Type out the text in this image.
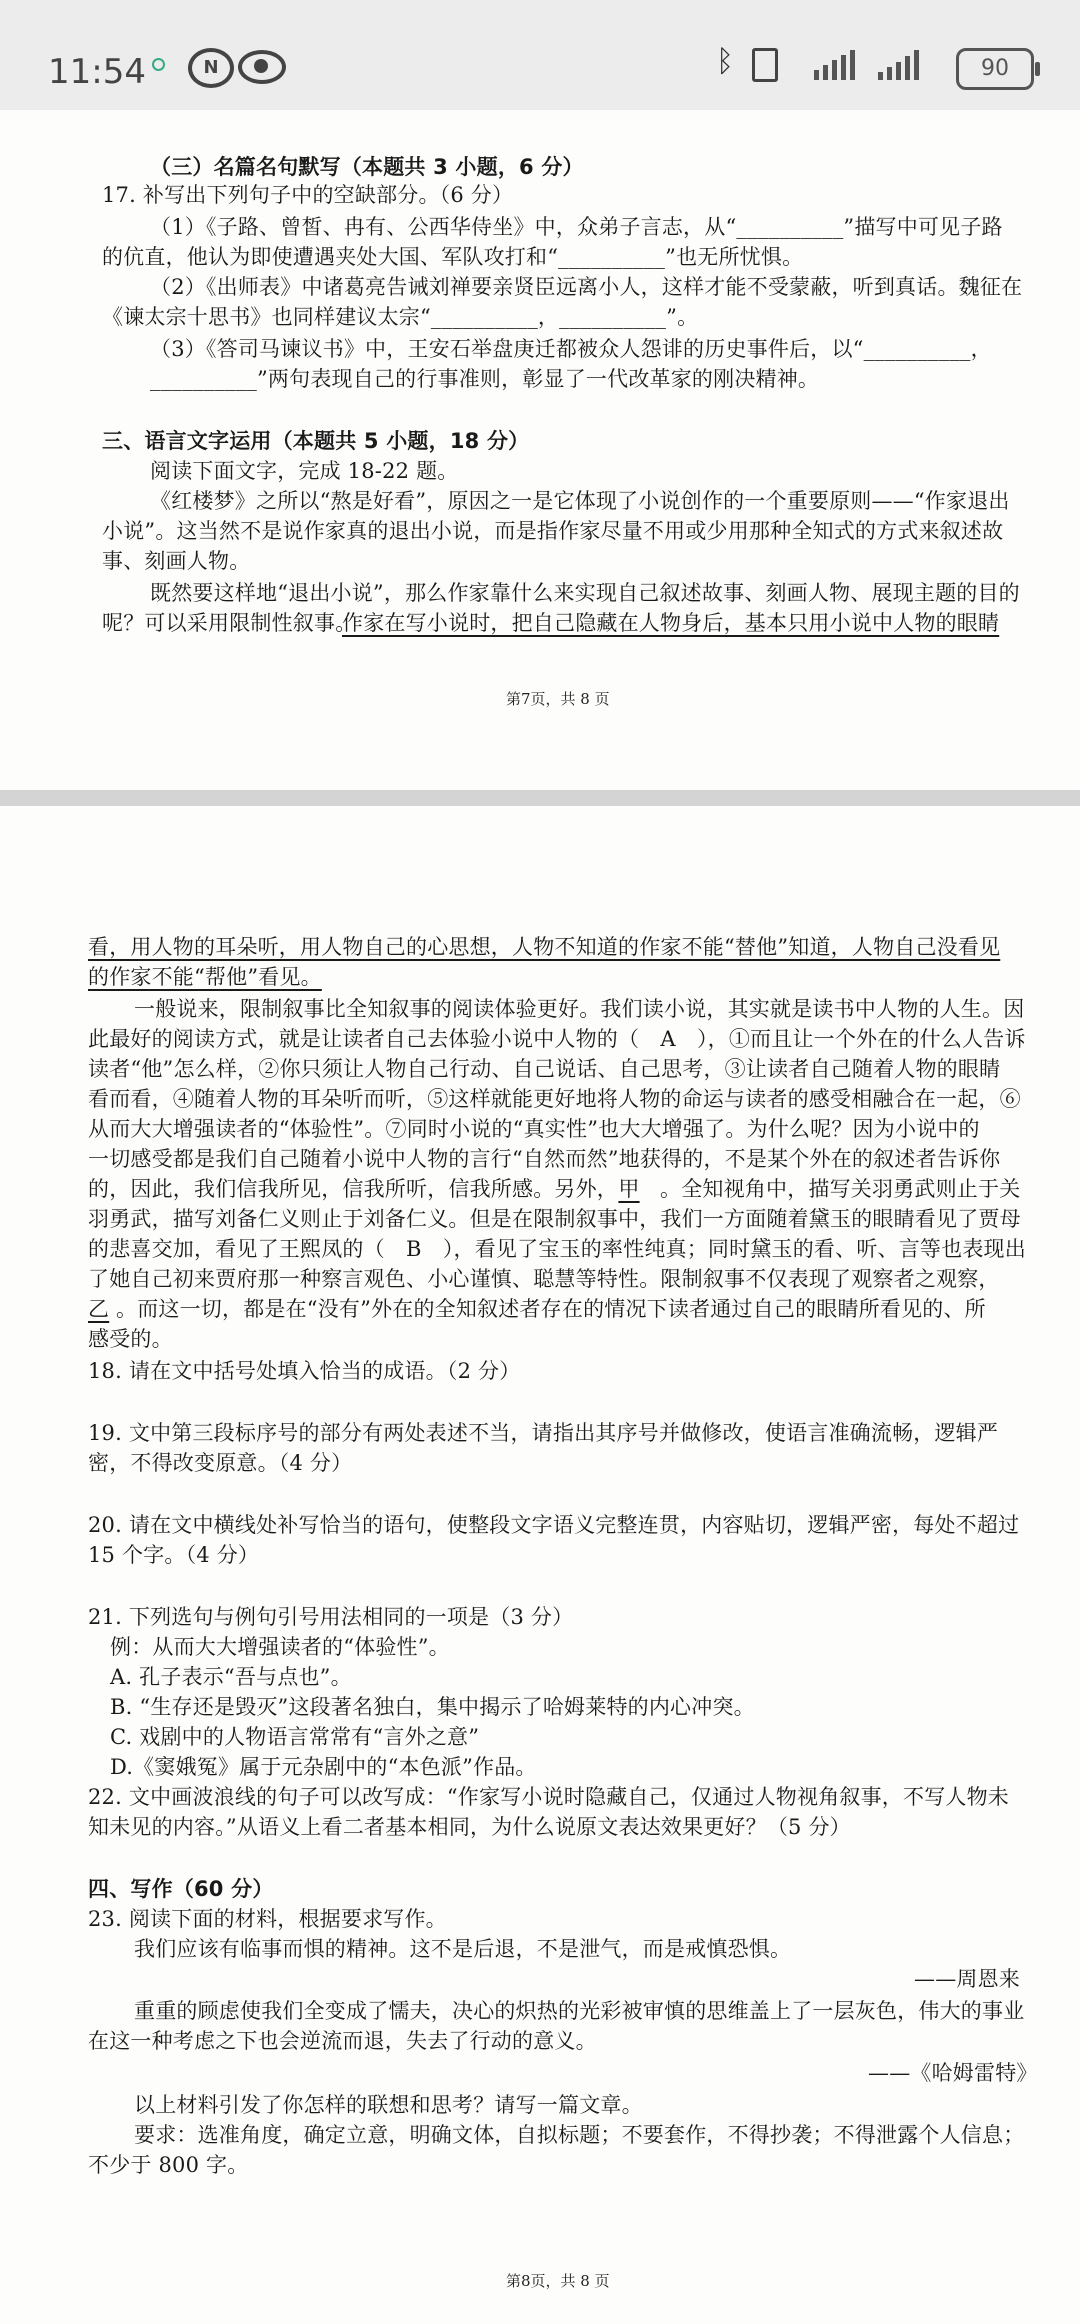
11:54	N	ᛒ	90
（三）名篇名句默写（本题共 3 小题，6 分）
17. 补写出下列句子中的空缺部分。（6 分）
（1）《子路、曾皙、冉有、公西华侍坐》中，众弟子言志，从“__________”描写中可见子路
的伉直，他认为即使遭遇夹处大国、军队攻打和“__________”也无所忧惧。
（2）《出师表》中诸葛亮告诫刘禅要亲贤臣远离小人，这样才能不受蒙蔽，听到真话。魏征在
《谏太宗十思书》也同样建议太宗“__________，__________”。
（3）《答司马谏议书》中，王安石举盘庚迁都被众人怨诽的历史事件后，以“__________，
__________”两句表现自己的行事准则，彰显了一代改革家的刚决精神。
三、语言文字运用（本题共 5 小题，18 分）
阅读下面文字，完成 18-22 题。
《红楼梦》之所以“熬是好看”，原因之一是它体现了小说创作的一个重要原则——“作家退出
小说”。这当然不是说作家真的退出小说，而是指作家尽量不用或少用那种全知式的方式来叙述故
事、刻画人物。
既然要这样地“退出小说”，那么作家靠什么来实现自己叙述故事、刻画人物、展现主题的目的
呢？可以采用限制性叙事。
作家在写小说时，把自己隐藏在人物身后，基本只用小说中人物的眼睛
第7页，共 8 页
看，用人物的耳朵听，用人物自己的心思想，人物不知道的作家不能“替他”知道，人物自己没看见
的作家不能“帮他”看见。
一般说来，限制叙事比全知叙事的阅读体验更好。我们读小说，其实就是读书中人物的人生。因
此最好的阅读方式，就是让读者自己去体验小说中人物的（　A　），①而且让一个外在的什么人告诉
读者“他”怎么样，②你只须让人物自己行动、自己说话、自己思考，③让读者自己随着人物的眼睛
看而看，④随着人物的耳朵听而听，⑤这样就能更好地将人物的命运与读者的感受相融合在一起，⑥
从而大大增强读者的“体验性”。⑦同时小说的“真实性”也大大增强了。为什么呢？因为小说中的
一切感受都是我们自己随着小说中人物的言行“自然而然”地获得的，不是某个外在的叙述者告诉你
的，因此，我们信我所见，信我所听，信我所感。另外， 甲 。全知视角中，描写关羽勇武则止于关
羽勇武，描写刘备仁义则止于刘备仁义。但是在限制叙事中，我们一方面随着黛玉的眼睛看见了贾母
的悲喜交加，看见了王熙凤的（　B　），看见了宝玉的率性纯真；同时黛玉的看、听、言等也表现出
了她自己初来贾府那一种察言观色、小心谨慎、聪慧等特性。限制叙事不仅表现了观察者之观察，
乙 。而这一切，都是在“没有”外在的全知叙述者存在的情况下读者通过自己的眼睛所看见的、所
感受的。
18. 请在文中括号处填入恰当的成语。（2 分）
19. 文中第三段标序号的部分有两处表述不当，请指出其序号并做修改，使语言准确流畅，逻辑严
密，不得改变原意。（4 分）
20. 请在文中横线处补写恰当的语句，使整段文字语义完整连贯，内容贴切，逻辑严密，每处不超过
15 个字。（4 分）
21. 下列选句与例句引号用法相同的一项是（3 分）
例：从而大大增强读者的“体验性”。
A. 孔子表示“吾与点也”。
B. “生存还是毁灭”这段著名独白，集中揭示了哈姆莱特的内心冲突。
C. 戏剧中的人物语言常常有“言外之意”
D.《窦娥冤》属于元杂剧中的“本色派”作品。
22. 文中画波浪线的句子可以改写成：“作家写小说时隐藏自己，仅通过人物视角叙事，不写人物未
知未见的内容。”从语义上看二者基本相同，为什么说原文表达效果更好？（5 分）
四、写作（60 分）
23. 阅读下面的材料，根据要求写作。
我们应该有临事而惧的精神。这不是后退，不是泄气，而是戒慎恐惧。
——周恩来
重重的顾虑使我们全变成了懦夫，决心的炽热的光彩被审慎的思维盖上了一层灰色，伟大的事业
在这一种考虑之下也会逆流而退，失去了行动的意义。
——《哈姆雷特》
以上材料引发了你怎样的联想和思考？请写一篇文章。
要求：选准角度，确定立意，明确文体，自拟标题；不要套作，不得抄袭；不得泄露个人信息；
不少于 800 字。
第8页，共 8 页
